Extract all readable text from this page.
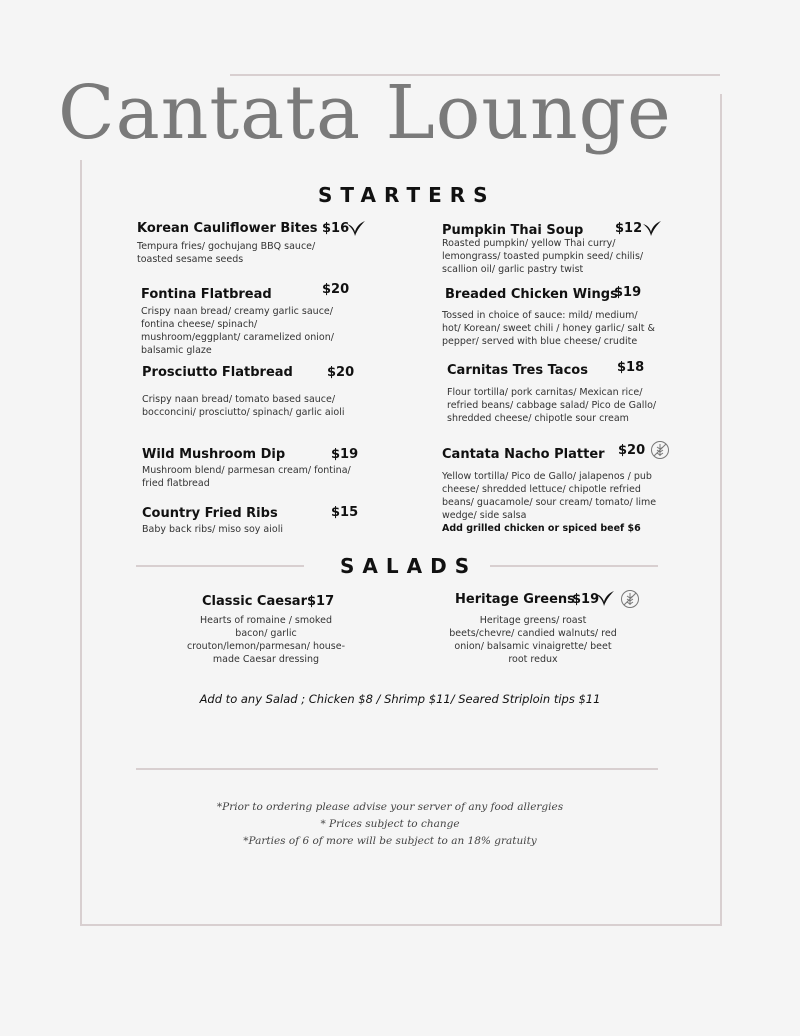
Cantata Lounge
STARTERS
Korean Cauliflower Bites $16
Tempura fries/ gochujang BBQ sauce/ toasted sesame seeds
Pumpkin Thai Soup $12
Roasted pumpkin/ yellow Thai curry/ lemongrass/ toasted pumpkin seed/ chilis/ scallion oil/ garlic pastry twist
Fontina Flatbread	$20
Crispy naan bread/ creamy garlic sauce/ fontina cheese/ spinach/ mushroom/eggplant/ caramelized onion/ balsamic glaze
Breaded Chicken Wings
$19
Tossed in choice of sauce: mild/ medium/ hot/ Korean/ sweet chili / honey garlic/ salt & pepper/ served with blue cheese/ crudite
Prosciutto Flatbread	$20
Crispy naan bread/ tomato based sauce/ bocconcini/ prosciutto/ spinach/ garlic aioli
Carnitas Tres Tacos $18
Flour tortilla/ pork carnitas/ Mexican rice/ refried beans/ cabbage salad/ Pico de Gallo/ shredded cheese/ chipotle sour cream
Wild Mushroom Dip	$19
Mushroom blend/ parmesan cream/ fontina/ fried flatbread
Cantata Nacho Platter $20
Yellow tortilla/ Pico de Gallo/ jalapenos / pub cheese/ shredded lettuce/ chipotle refried beans/ guacamole/ sour cream/ tomato/ lime wedge/ side salsa
Add grilled chicken or spiced beef $6
Country Fried Ribs	$15
Baby back ribs/ miso soy aioli
SALADS
Classic Caesar $17
Hearts of romaine / smoked bacon/ garlic crouton/lemon/parmesan/ house-made Caesar dressing
Heritage Greens
$19
Heritage greens/ roast beets/chevre/ candied walnuts/ red onion/ balsamic vinaigrette/ beet root redux
Add to any Salad ; Chicken $8 / Shrimp $11/ Seared Striploin tips $11
*Prior to ordering please advise your server of any food allergies
* Prices subject to change
*Parties of 6 of more will be subject to an 18% gratuity
